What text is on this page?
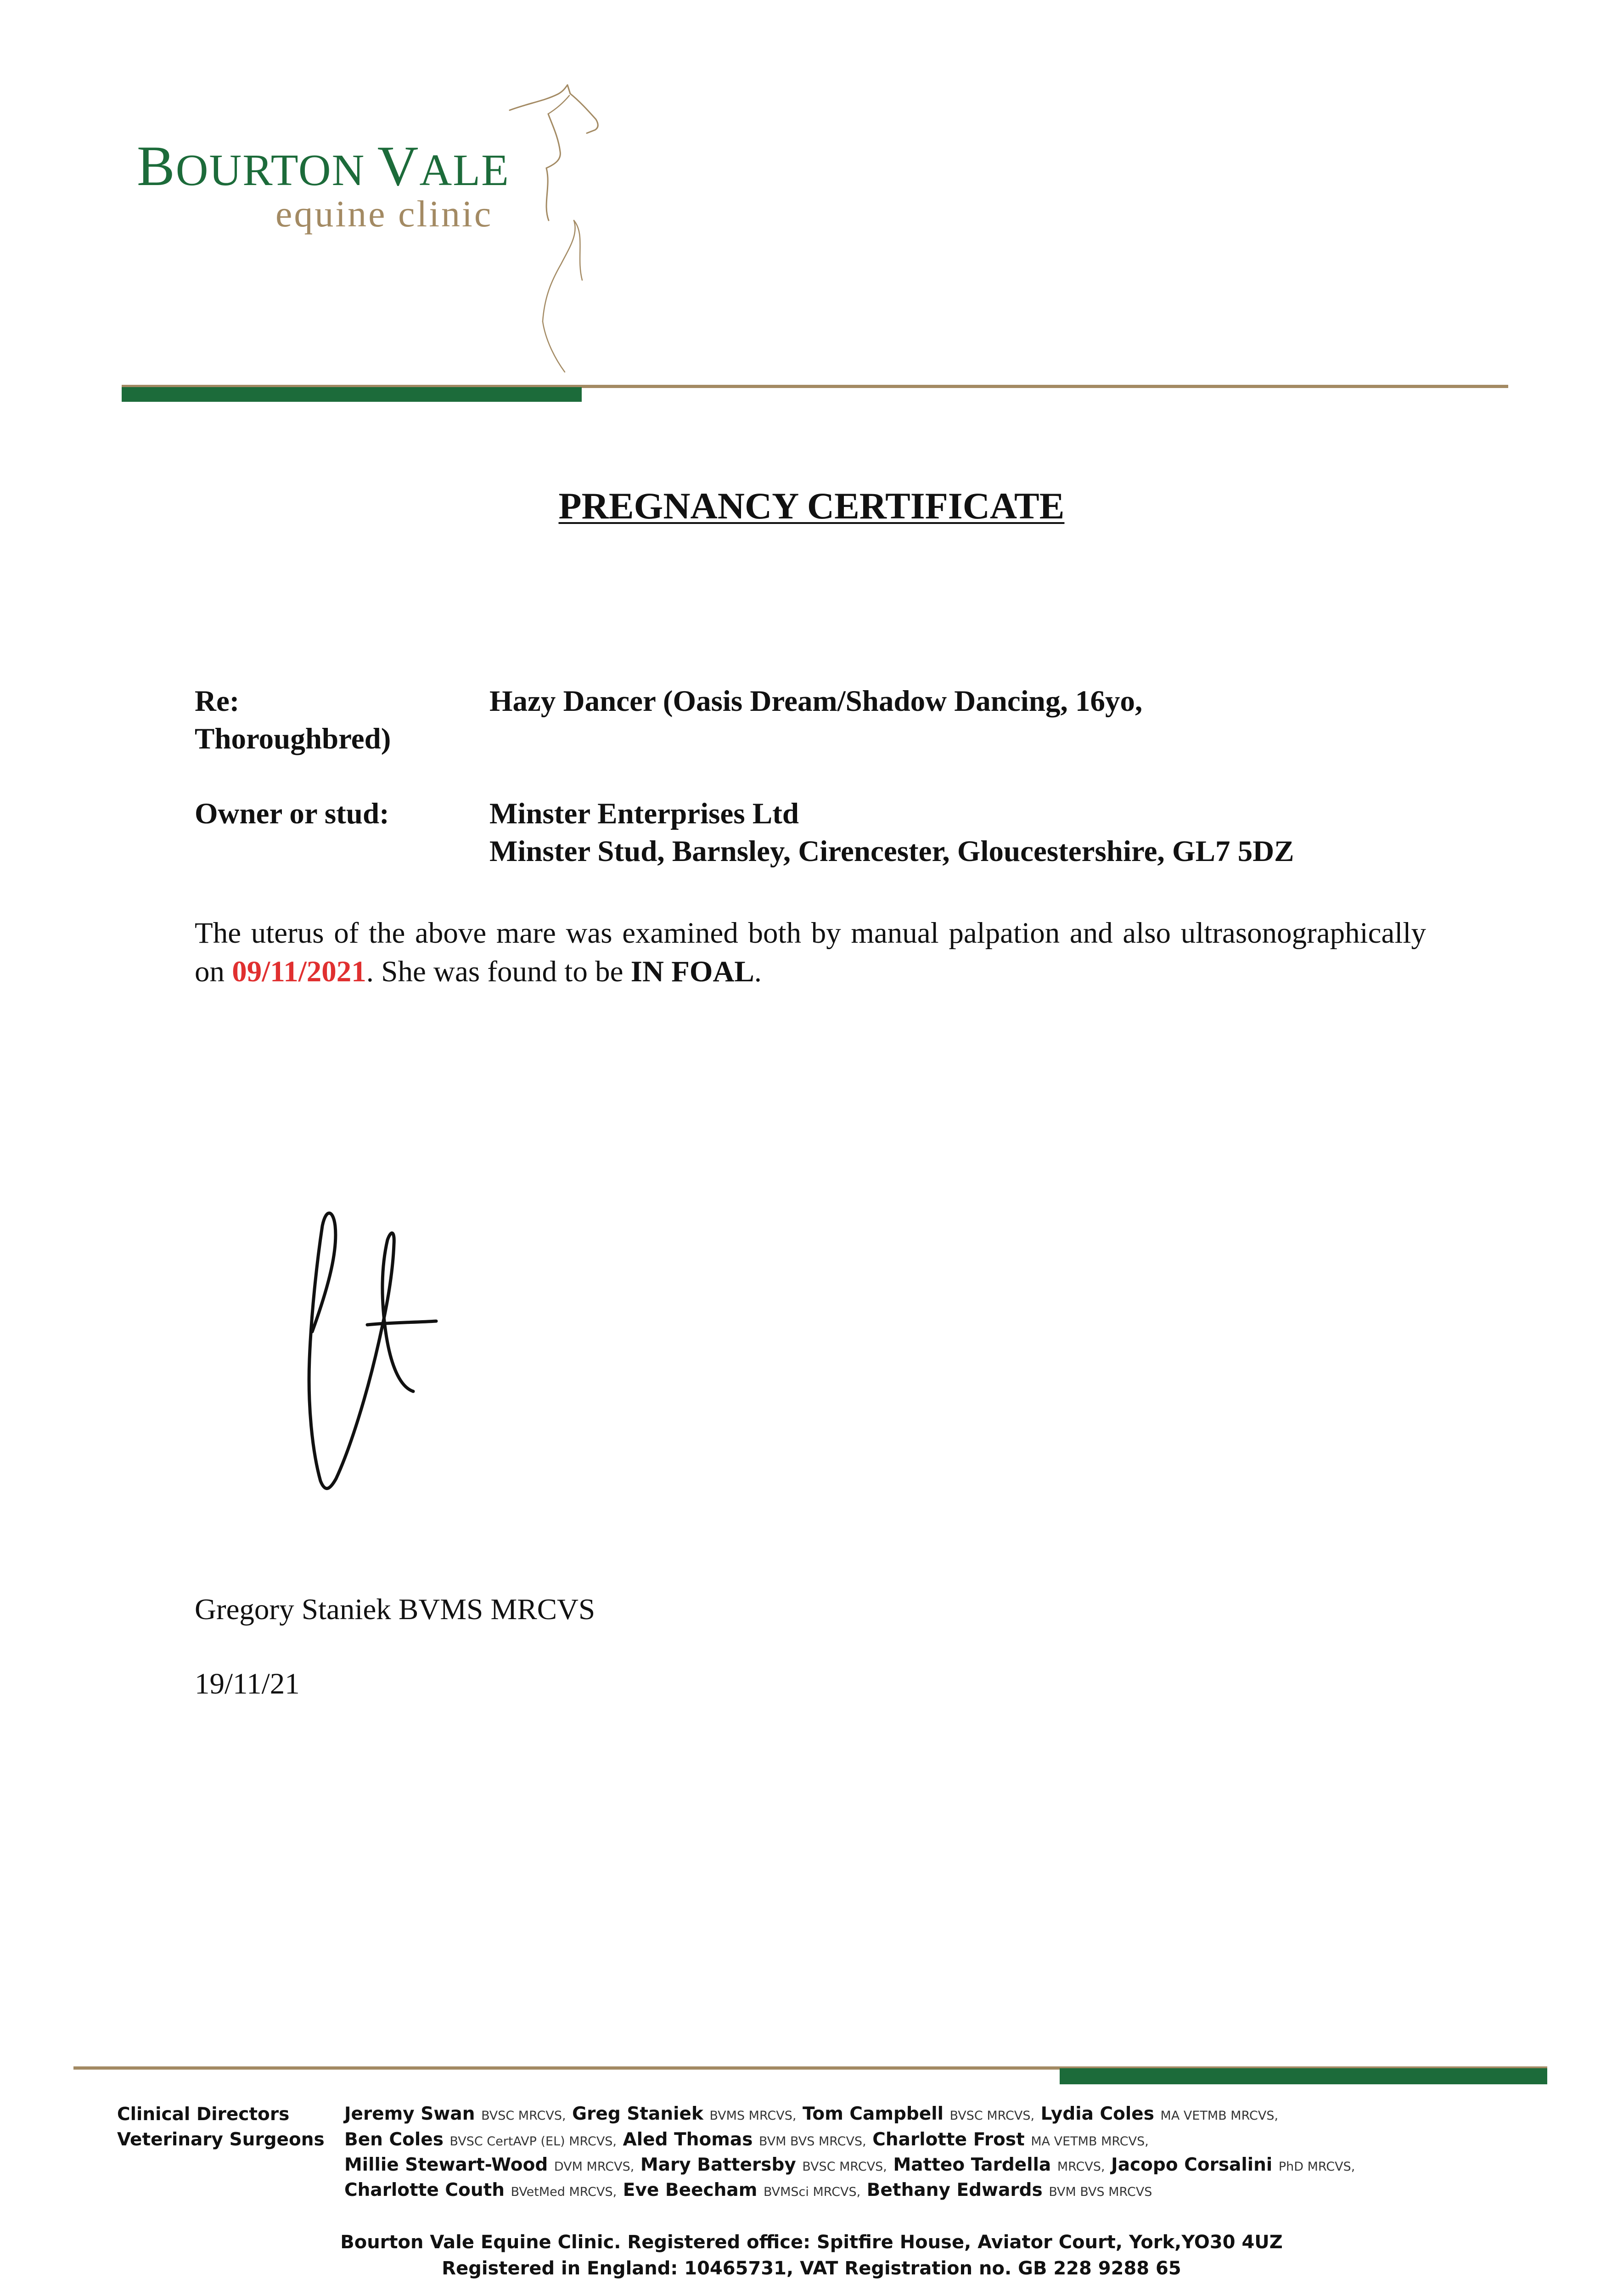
BOURTON VALE
equine clinic
PREGNANCY CERTIFICATE
Re:	Hazy Dancer (Oasis Dream/Shadow Dancing, 16yo,
Thoroughbred)
Owner or stud:	Minster Enterprises Ltd
Minster Stud, Barnsley, Cirencester, Gloucestershire, GL7 5DZ

The uterus of the above mare was examined both by manual palpation and also ultrasonographically on 09/11/2021. She was found to be IN FOAL.

Gregory Staniek BVMS MRCVS
19/11/21
Clinical Directors
Veterinary Surgeons
Jeremy Swan BVSC MRCVS, Greg Staniek BVMS MRCVS, Tom Campbell BVSC MRCVS, Lydia Coles MA VETMB MRCVS,
Ben Coles BVSC CertAVP (EL) MRCVS, Aled Thomas BVM BVS MRCVS, Charlotte Frost MA VETMB MRCVS,
Millie Stewart-Wood DVM MRCVS, Mary Battersby BVSC MRCVS, Matteo Tardella MRCVS, Jacopo Corsalini PhD MRCVS,
Charlotte Couth BVetMed MRCVS, Eve Beecham BVMSci MRCVS, Bethany Edwards BVM BVS MRCVS
Bourton Vale Equine Clinic. Registered office: Spitfire House, Aviator Court, York,YO30 4UZ
Registered in England: 10465731, VAT Registration no. GB 228 9288 65
